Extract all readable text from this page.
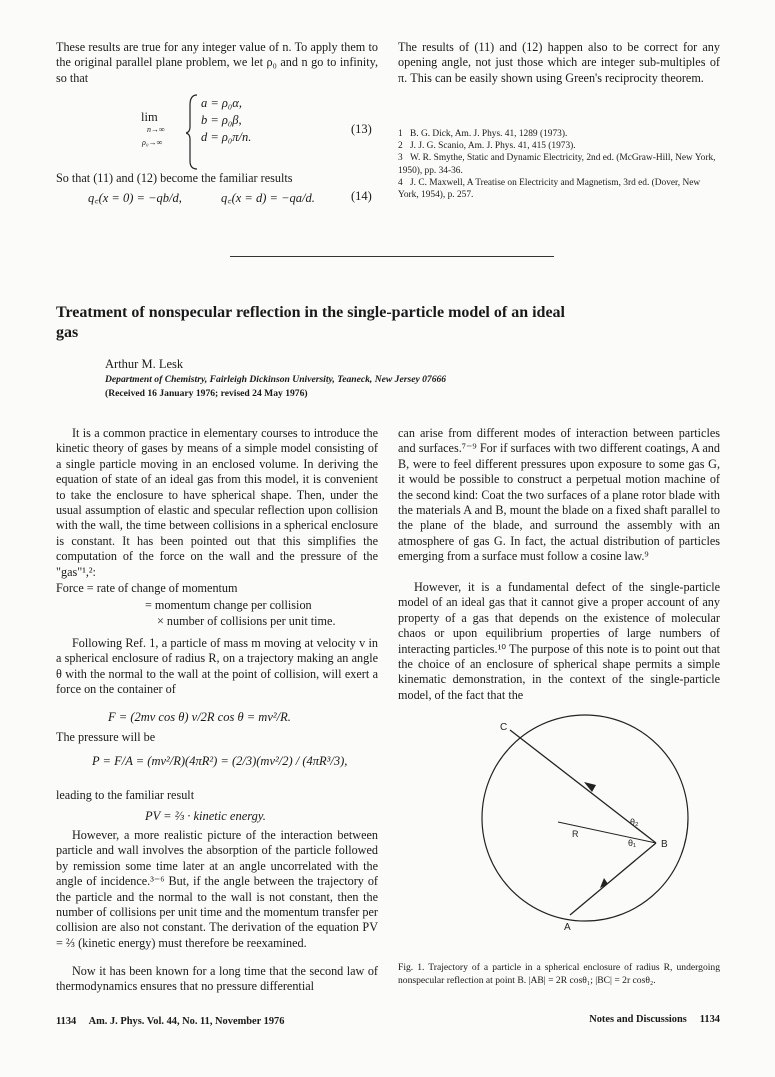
These results are true for any integer value of n. To apply them to the original parallel plane problem, we let ρ₀ and n go to infinity, so that

lim
n→∞
ρ₀→∞
a = ρ₀α,
b = ρ₀β,
d = ρ₀π/n.
(13)

So that (11) and (12) become the familiar results

q꜀(x = 0) = −qb/d,	q꜀(x = d) = −qa/d.	(14)

The results of (11) and (12) happen also to be correct for any opening angle, not just those which are integer sub-multiples of π. This can be easily shown using Green's reciprocity theorem.

1 B. G. Dick, Am. J. Phys. 41, 1289 (1973).

2 J. J. G. Scanio, Am. J. Phys. 41, 415 (1973).

3 W. R. Smythe, Static and Dynamic Electricity, 2nd ed. (McGraw-Hill, New York, 1950), pp. 34-36.

4 J. C. Maxwell, A Treatise on Electricity and Magnetism, 3rd ed. (Dover, New York, 1954), p. 257.

Treatment of nonspecular reflection in the single-particle model of an ideal gas
Arthur M. Lesk
Department of Chemistry, Fairleigh Dickinson University, Teaneck, New Jersey 07666
(Received 16 January 1976; revised 24 May 1976)

It is a common practice in elementary courses to introduce the kinetic theory of gases by means of a simple model consisting of a single particle moving in an enclosed volume. In deriving the equation of state of an ideal gas from this model, it is convenient to take the enclosure to have spherical shape. Then, under the usual assumption of elastic and specular reflection upon collision with the wall, the time between collisions in a spherical enclosure is constant. It has been pointed out that this simplifies the computation of the force on the wall and the pressure of the "gas"¹,²:

Force = rate of change of momentum
= momentum change per collision
× number of collisions per unit time.

Following Ref. 1, a particle of mass m moving at velocity v in a spherical enclosure of radius R, on a trajectory making an angle θ with the normal to the wall at the point of collision, will exert a force on the container of

F = (2mv cos θ) v/2R cos θ = mv²/R.
The pressure will be
P = F/A = (mv²/R)(4πR²) = (2/3)(mv²/2) / (4πR³/3),
leading to the familiar result
PV = ⅔ · kinetic energy.

However, a more realistic picture of the interaction between particle and wall involves the absorption of the particle followed by remission some time later at an angle uncorrelated with the angle of incidence.³⁻⁶ But, if the angle between the trajectory of the particle and the normal to the wall is not constant, then the number of collisions per unit time and the momentum transfer per collision are also not constant. The derivation of the equation PV = ⅔ (kinetic energy) must therefore be reexamined.

Now it has been known for a long time that the second law of thermodynamics ensures that no pressure differential

can arise from different modes of interaction between particles and surfaces.⁷⁻⁹ For if surfaces with two different coatings, A and B, were to feel different pressures upon exposure to some gas G, it would be possible to construct a perpetual motion machine of the second kind: Coat the two surfaces of a plane rotor blade with the materials A and B, mount the blade on a fixed shaft parallel to the plane of the blade, and surround the assembly with an atmosphere of gas G. In fact, the actual distribution of particles emerging from a surface must follow a cosine law.⁹

However, it is a fundamental defect of the single-particle model of an ideal gas that it cannot give a proper account of any property of a gas that depends on the existence of molecular chaos or upon equilibrium properties of large numbers of interacting particles.¹⁰ The purpose of this note is to point out that the choice of an enclosure of spherical shape permits a simple kinematic demonstration, in the context of the single-particle model, of the fact that the

C
A
B
R
θ₁
θ₂

Fig. 1. Trajectory of a particle in a spherical enclosure of radius R, undergoing nonspecular reflection at point B. |AB| = 2R cosθ₁; |BC| = 2r cosθ₂.

1134     Am. J. Phys. Vol. 44, No. 11, November 1976	Notes and Discussions     1134
